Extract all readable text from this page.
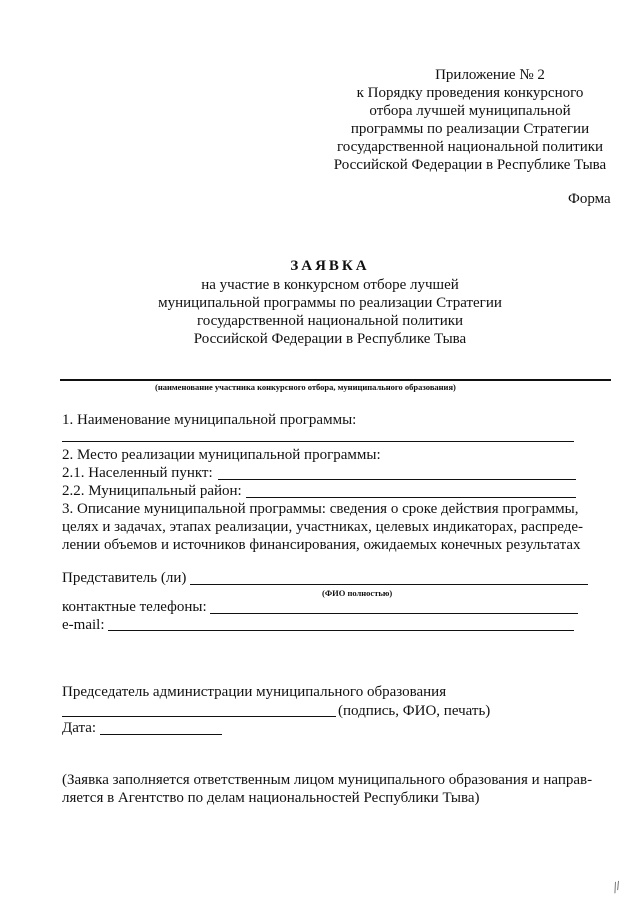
Приложение № 2
к Порядку проведения конкурсного
отбора лучшей муниципальной
программы по реализации Стратегии
государственной национальной политики
Российской Федерации в Республике Тыва
Форма
ЗАЯВКА
на участие в конкурсном отборе лучшей
муниципальной программы по реализации Стратегии
государственной национальной политики
Российской Федерации в Республике Тыва
(наименование участника конкурсного отбора, муниципального образования)
1. Наименование муниципальной программы:
2. Место реализации муниципальной программы:
2.1. Населенный пункт:
2.2. Муниципальный район:
3. Описание муниципальной программы: сведения о сроке действия программы,
целях и задачах, этапах реализации, участниках, целевых индикаторах, распреде-
лении объемов и источников финансирования, ожидаемых конечных результатах
Представитель (ли)
(ФИО полностью)
контактные телефоны:
e-mail:
Председатель администрации муниципального образования
(подпись, ФИО, печать)
Дата:
(Заявка заполняется ответственным лицом муниципального образования и направ-
ляется в Агентство по делам национальностей Республики Тыва)
